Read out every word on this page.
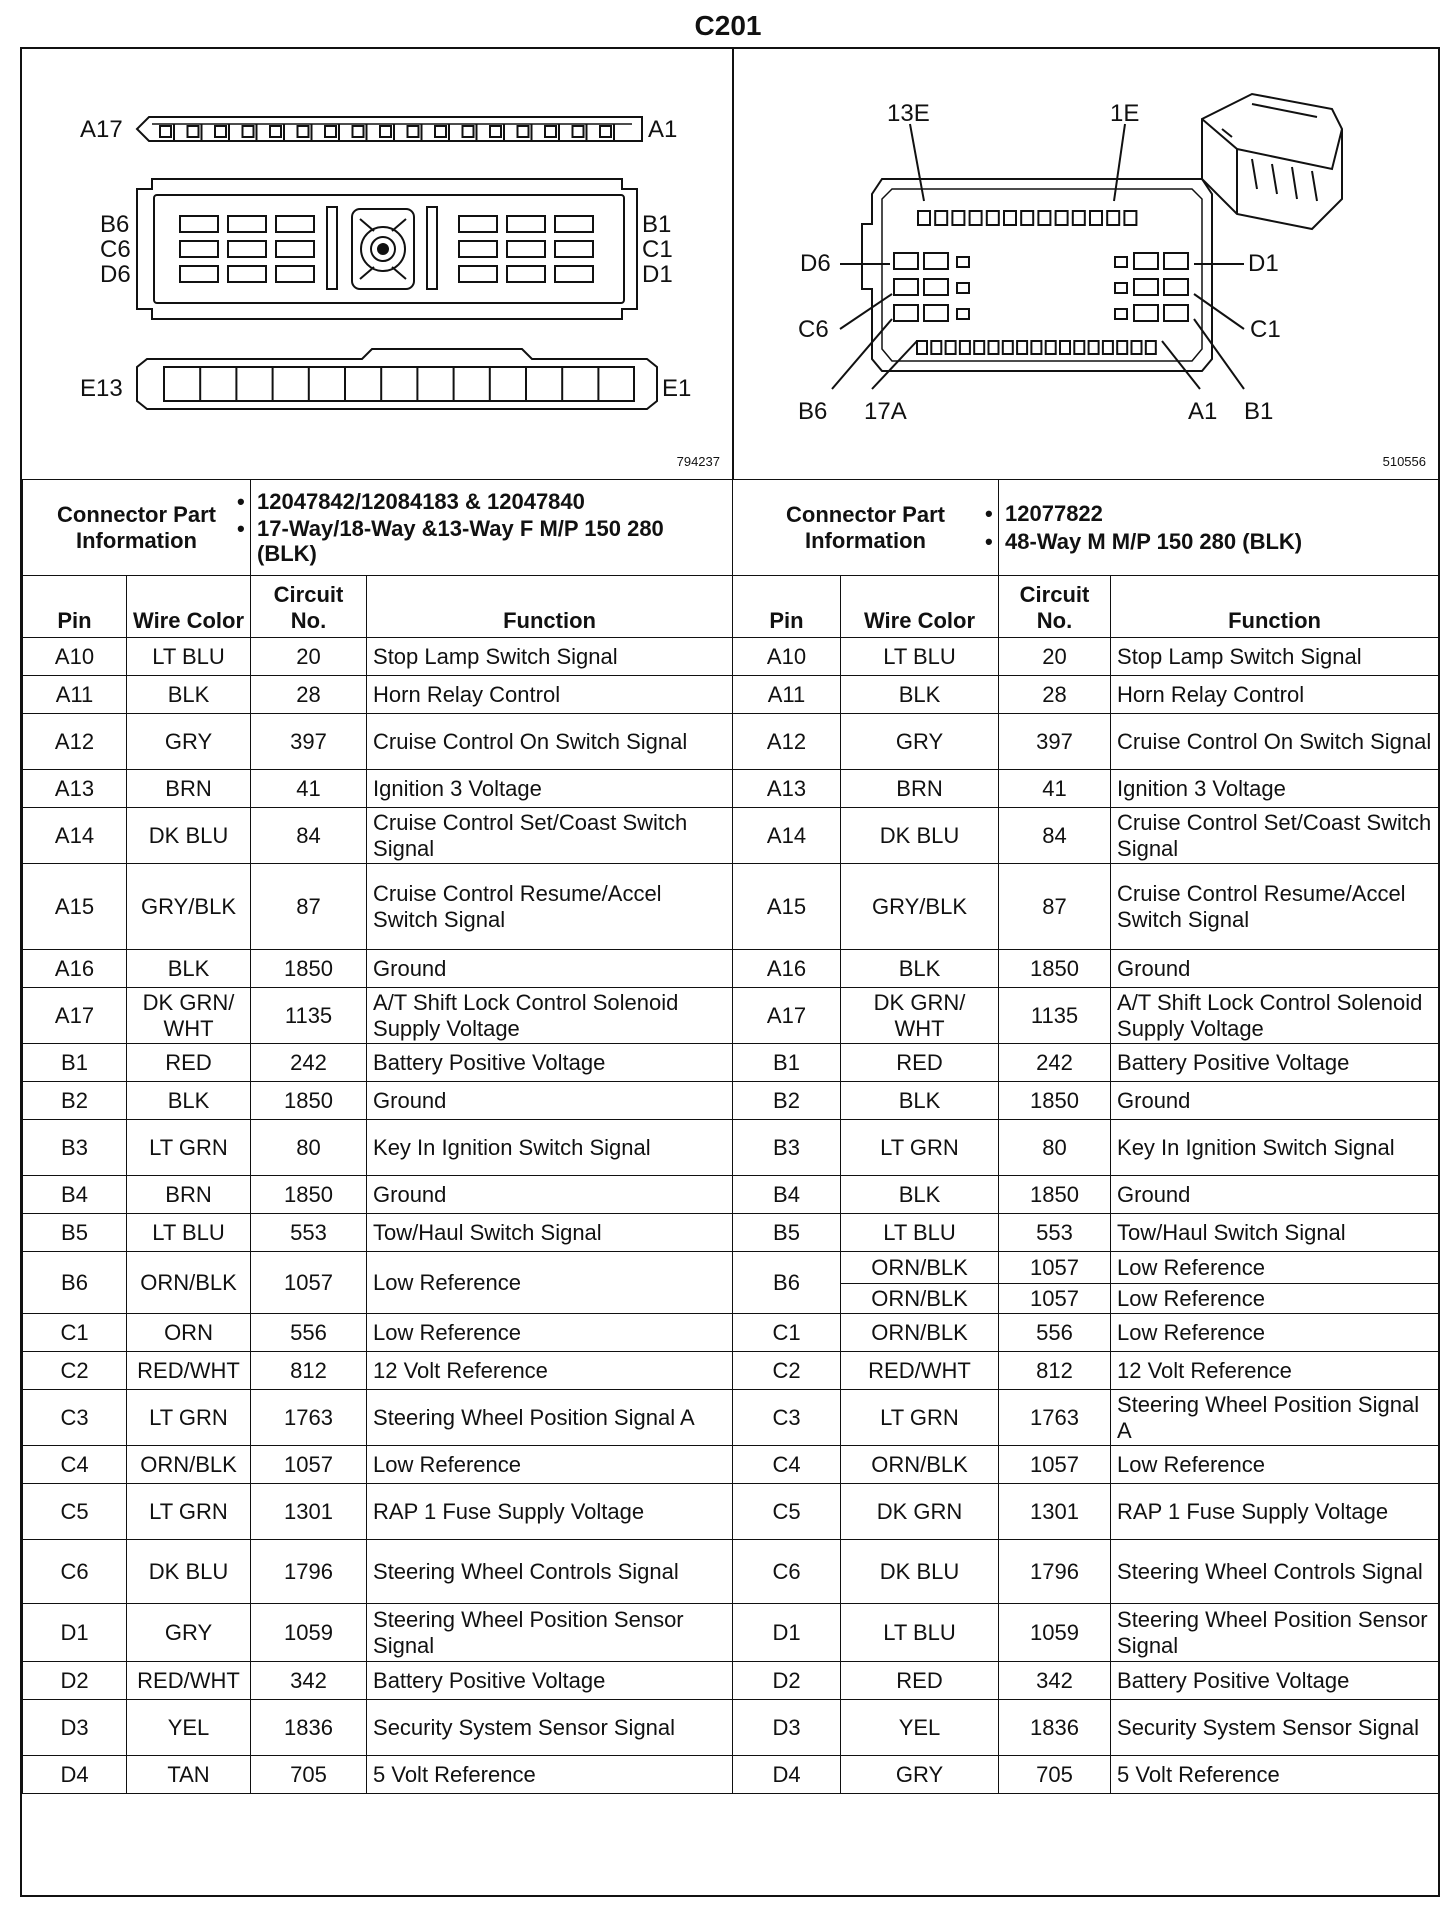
C201
A17	A1
B6
C6
D6
B1
C1
D1
E13	E1
794237
13E	1E
D6
C6
B6 17A	A1 B1
D1
C1
510556
Connector Part Information		• 12047842/12084183 & 12047840
• 17-Way/18-Way &13-Way F M/P 150 280 (BLK)

Pin	Wire Color	Circuit No.	Function
A10	LT BLU	20	Stop Lamp Switch Signal
A11	BLK	28	Horn Relay Control
A12	GRY	397	Cruise Control On Switch Signal
A13	BRN	41	Ignition 3 Voltage
A14	DK BLU	84	Cruise Control Set/Coast Switch Signal
A15	GRY/BLK	87	Cruise Control Resume/Accel Switch Signal
A16	BLK	1850	Ground
A17	DK GRN/ WHT	1135	A/T Shift Lock Control Solenoid Supply Voltage
B1	RED	242	Battery Positive Voltage
B2	BLK	1850	Ground
B3	LT GRN	80	Key In Ignition Switch Signal
B4	BRN	1850	Ground
B5	LT BLU	553	Tow/Haul Switch Signal
B6	ORN/BLK	1057	Low Reference
C1	ORN	556	Low Reference
C2	RED/WHT	812	12 Volt Reference
C3	LT GRN	1763	Steering Wheel Position Signal A
C4	ORN/BLK	1057	Low Reference
C5	LT GRN	1301	RAP 1 Fuse Supply Voltage
C6	DK BLU	1796	Steering Wheel Controls Signal
D1	GRY	1059	Steering Wheel Position Sensor Signal
D2	RED/WHT	342	Battery Positive Voltage
D3	YEL	1836	Security System Sensor Signal
D4	TAN	705	5 Volt Reference
Connector Part Information		• 12077822
• 48-Way M M/P 150 280 (BLK)

Pin	Wire Color	Circuit No.	Function
A10	LT BLU	20	Stop Lamp Switch Signal
A11	BLK	28	Horn Relay Control
A12	GRY	397	Cruise Control On Switch Signal
A13	BRN	41	Ignition 3 Voltage
A14	DK BLU	84	Cruise Control Set/Coast Switch Signal
A15	GRY/BLK	87	Cruise Control Resume/Accel Switch Signal
A16	BLK	1850	Ground
A17	DK GRN/ WHT	1135	A/T Shift Lock Control Solenoid Supply Voltage
B1	RED	242	Battery Positive Voltage
B2	BLK	1850	Ground
B3	LT GRN	80	Key In Ignition Switch Signal
B4	BLK	1850	Ground
B5	LT BLU	553	Tow/Haul Switch Signal
B6	ORN/BLK	1057	Low Reference
	ORN/BLK	1057	Low Reference
C1	ORN/BLK	556	Low Reference
C2	RED/WHT	812	12 Volt Reference
C3	LT GRN	1763	Steering Wheel Position Signal A
C4	ORN/BLK	1057	Low Reference
C5	DK GRN	1301	RAP 1 Fuse Supply Voltage
C6	DK BLU	1796	Steering Wheel Controls Signal
D1	LT BLU	1059	Steering Wheel Position Sensor Signal
D2	RED	342	Battery Positive Voltage
D3	YEL	1836	Security System Sensor Signal
D4	GRY	705	5 Volt Reference
